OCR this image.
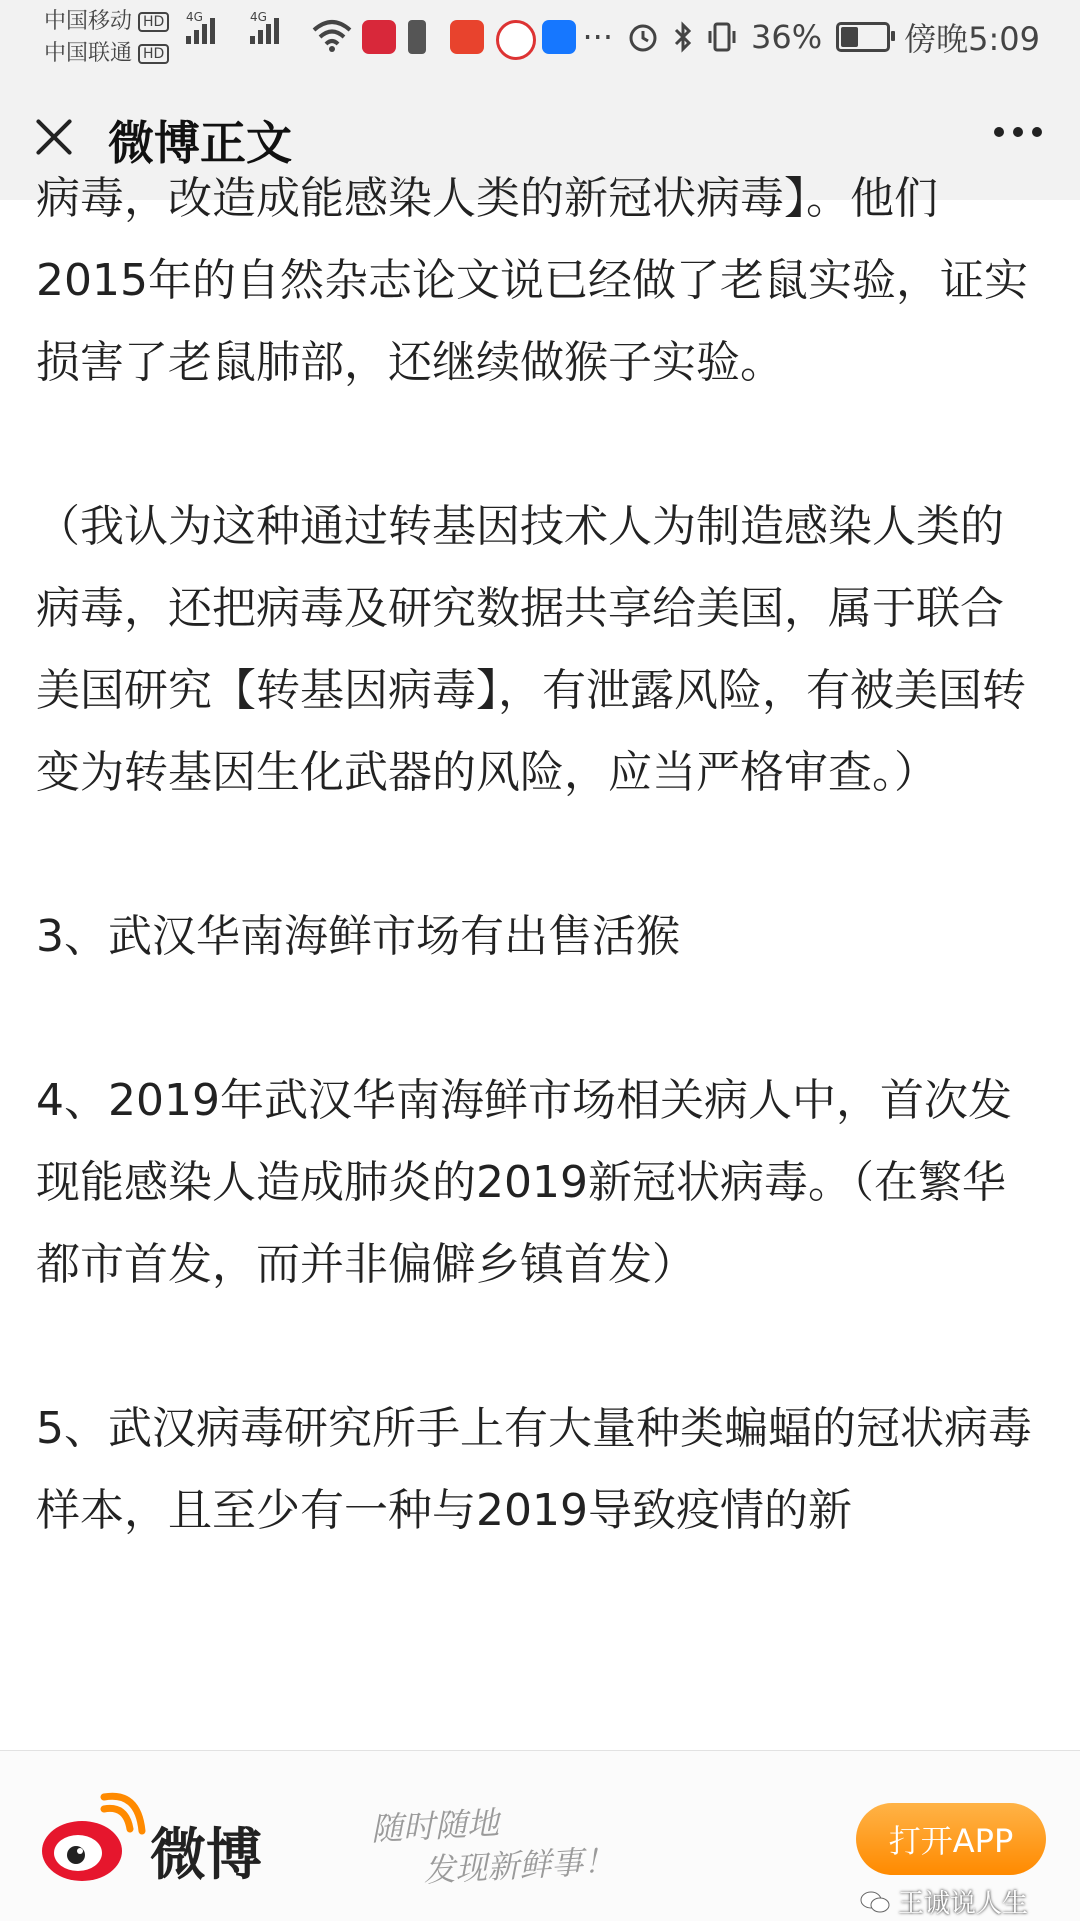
中国移动 HD
中国联通 HD
4G	4G
···	36%	傍晚5:09
微博正文

病毒，改造成能感染人类的新冠状病毒】。他们2015年的自然杂志论文说已经做了老鼠实验，证实损害了老鼠肺部，还继续做猴子实验。

（我认为这种通过转基因技术人为制造感染人类的病毒，还把病毒及研究数据共享给美国，属于联合美国研究【转基因病毒】，有泄露风险，有被美国转变为转基因生化武器的风险，应当严格审查。）

3、武汉华南海鲜市场有出售活猴

4、2019年武汉华南海鲜市场相关病人中，首次发现能感染人造成肺炎的2019新冠状病毒。（在繁华都市首发，而并非偏僻乡镇首发）

5、武汉病毒研究所手上有大量种类蝙蝠的冠状病毒样本，且至少有一种与2019导致疫情的新

微博	随时随地
发现新鲜事！
打开APP
王诚说人生
